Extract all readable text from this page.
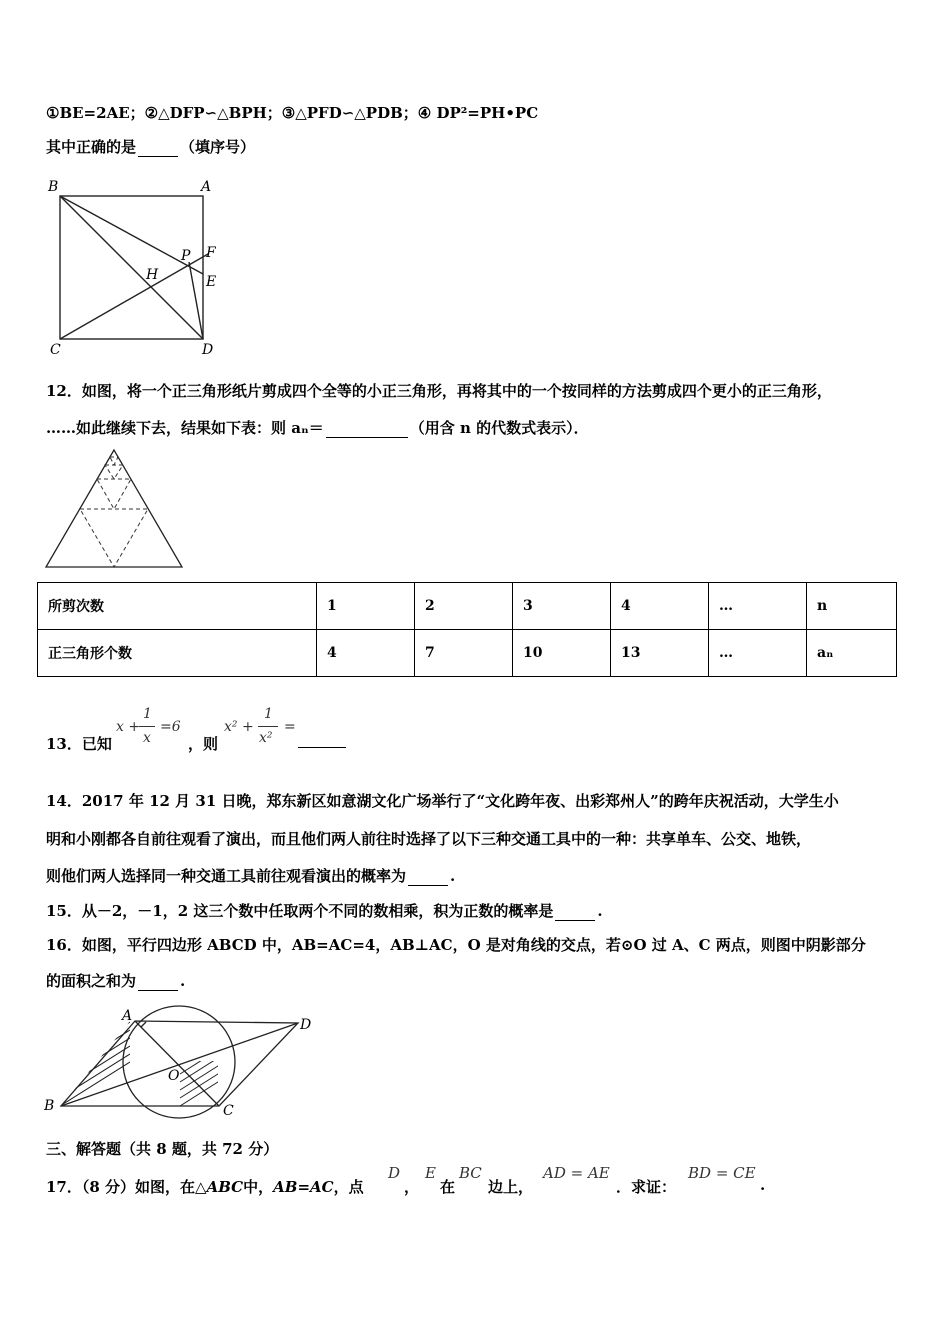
①BE=2AE；②△DFP∽△BPH；③△PFD∽△PDB；④ DP²=PH•PC
其中正确的是	（填序号）
B	A
P F
H	E
C	D
12．如图，将一个正三角形纸片剪成四个全等的小正三角形，再将其中的一个按同样的方法剪成四个更小的正三角形，
……如此继续下去，结果如下表：则 aₙ＝	（用含 n 的代数式表示）．
所剪次数	1	2	3	4	…	n
正三角形个数	4	7	10	13	…	aₙ
13．已知
x +
1
x
=6
，则
x² +
1
x²
=
14．2017 年 12 月 31 日晚，郑东新区如意湖文化广场举行了“文化跨年夜、出彩郑州人”的跨年庆祝活动，大学生小
明和小刚都各自前往观看了演出，而且他们两人前往时选择了以下三种交通工具中的一种：共享单车、公交、地铁，
则他们两人选择同一种交通工具前往观看演出的概率为	.
15．从－2，－1，2 这三个数中任取两个不同的数相乘，积为正数的概率是	.
16．如图，平行四边形 ABCD 中，AB=AC=4，AB⊥AC，O 是对角线的交点，若⊙O 过 A、C 两点，则图中阴影部分
的面积之和为	.
A
D
O
B	C
三、解答题（共 8 题，共 72 分）
17．（8 分）如图，在△ABC中，AB=AC，点
D
，
E
在
BC
边上，
AD = AE
．求证：
BD = CE
.
